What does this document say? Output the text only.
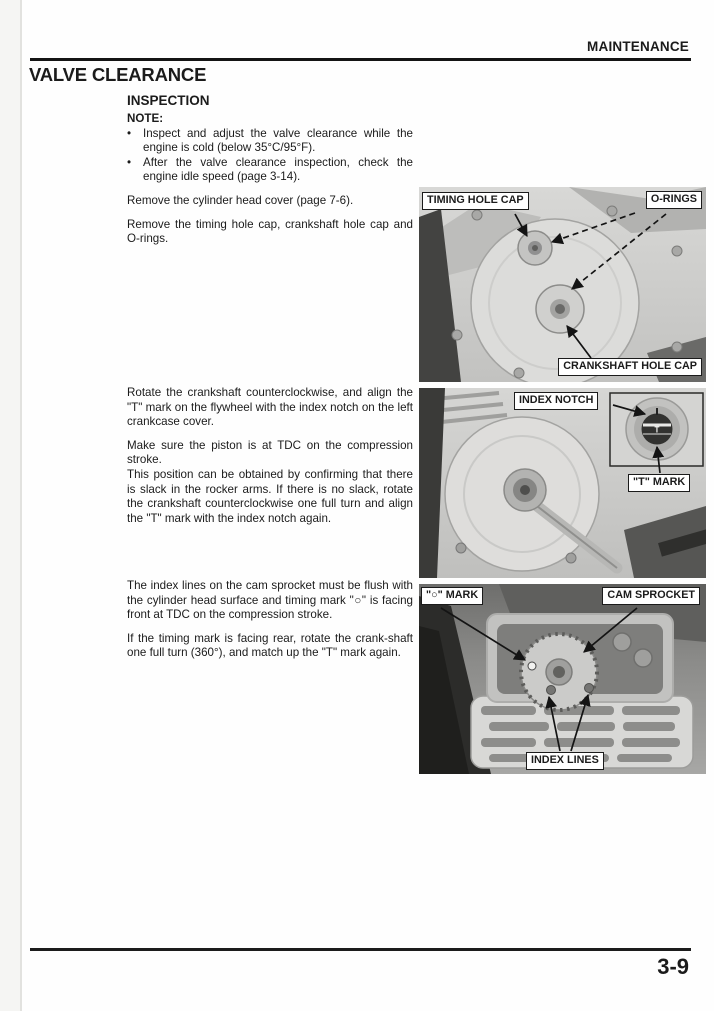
MAINTENANCE
VALVE CLEARANCE
INSPECTION

NOTE:

•	Inspect and adjust the valve clearance while the engine is cold (below 35°C/95°F).
•	After the valve clearance inspection, check the engine idle speed (page 3-14).

Remove the cylinder head cover (page 7-6).

Remove the timing hole cap, crankshaft hole cap and O-rings.

TIMING HOLE CAP	O-RINGS
CRANKSHAFT HOLE CAP

Rotate the crankshaft counterclockwise, and align the "T" mark on the flywheel with the index notch on the left crankcase cover.

Make sure the piston is at TDC on the compression stroke.

This position can be obtained by confirming that there is slack in the rocker arms. If there is no slack, rotate the crankshaft counterclockwise one full turn and align the "T" mark with the index notch again.

T
INDEX NOTCH
"T" MARK

The index lines on the cam sprocket must be flush with the cylinder head surface and timing mark "○" is facing front at TDC on the compression stroke.

If the timing mark is facing rear, rotate the crank-shaft one full turn (360°), and match up the "T" mark again.

"○" MARK	CAM SPROCKET
INDEX LINES
3-9
